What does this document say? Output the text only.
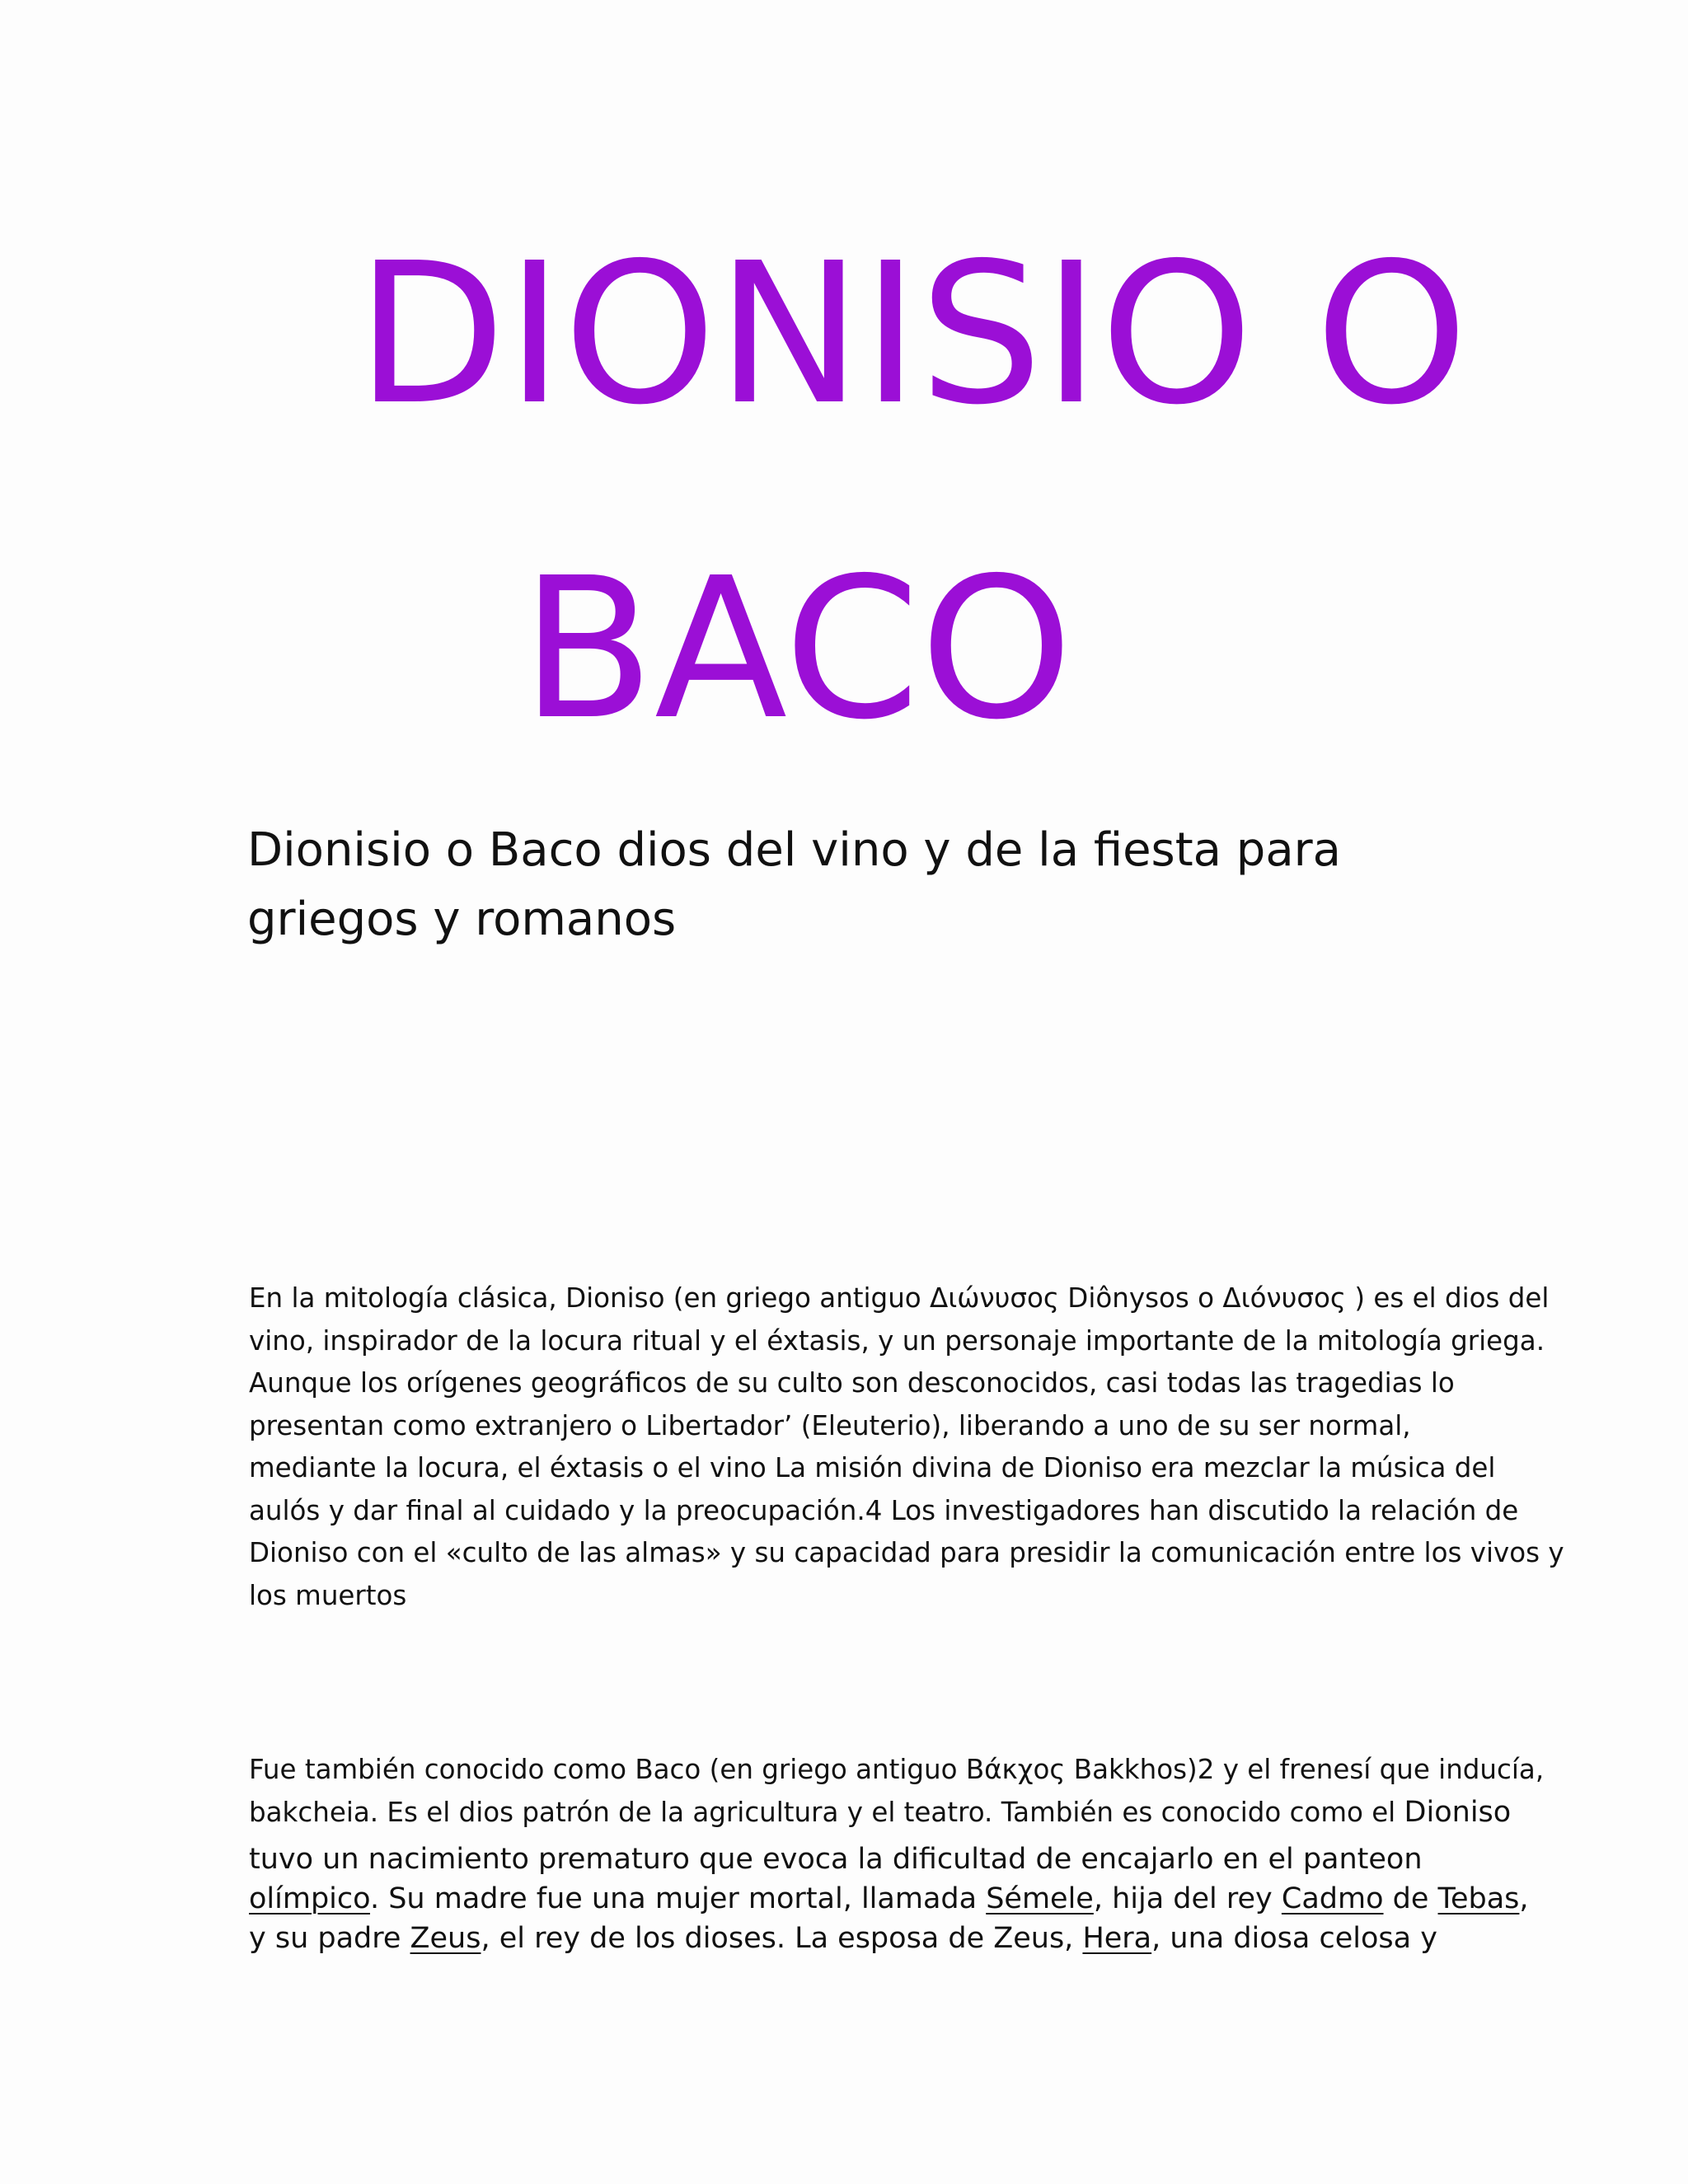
DIONISIO O
BACO
Dionisio o Baco dios del vino y de la fiesta para
griegos y romanos
En la mitología clásica, Dioniso (en griego antiguo Διώνυσος Diônysos o Διόνυσος ) es el dios del
vino, inspirador de la locura ritual y el éxtasis, y un personaje importante de la mitología griega.
Aunque los orígenes geográficos de su culto son desconocidos, casi todas las tragedias lo
presentan como extranjero o Libertador’ (Eleuterio), liberando a uno de su ser normal,
mediante la locura, el éxtasis o el vino La misión divina de Dioniso era mezclar la música del
aulós y dar final al cuidado y la preocupación.4 Los investigadores han discutido la relación de
Dioniso con el «culto de las almas» y su capacidad para presidir la comunicación entre los vivos y
los muertos
Fue también conocido como Baco (en griego antiguo Βάκχος Bakkhos)2 y el frenesí que inducía,
bakcheia. Es el dios patrón de la agricultura y el teatro. También es conocido como el Dioniso
tuvo un nacimiento prematuro que evoca la dificultad de encajarlo en el panteon
olímpico. Su madre fue una mujer mortal, llamada Sémele, hija del rey Cadmo de Tebas,
y su padre Zeus, el rey de los dioses. La esposa de Zeus, Hera, una diosa celosa y
